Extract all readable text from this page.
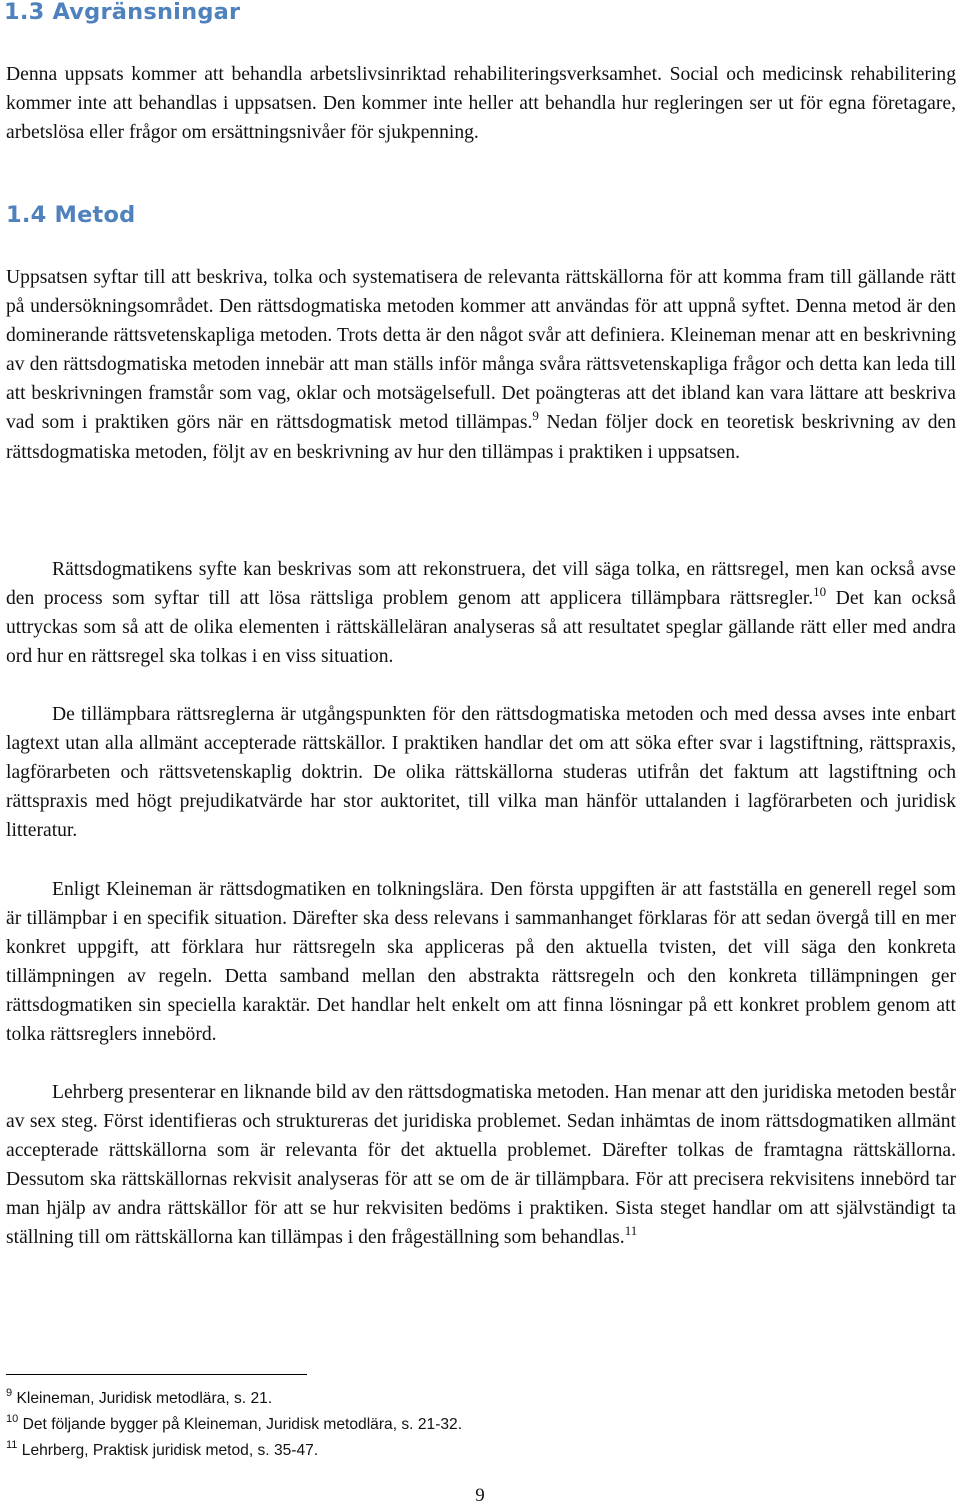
1.3 Avgränsningar

Denna uppsats kommer att behandla arbetslivsinriktad rehabiliteringsverksamhet. Social och medicinsk rehabilitering kommer inte att behandlas i uppsatsen. Den kommer inte heller att behandla hur regleringen ser ut för egna företagare, arbetslösa eller frågor om ersättningsnivåer för sjukpenning.

1.4 Metod

Uppsatsen syftar till att beskriva, tolka och systematisera de relevanta rättskällorna för att komma fram till gällande rätt på undersökningsområdet. Den rättsdogmatiska metoden kommer att användas för att uppnå syftet. Denna metod är den dominerande rättsvetenskapliga metoden. Trots detta är den något svår att definiera. Kleineman menar att en beskrivning av den rättsdogmatiska metoden innebär att man ställs inför många svåra rättsvetenskapliga frågor och detta kan leda till att beskrivningen framstår som vag, oklar och motsägelsefull. Det poängteras att det ibland kan vara lättare att beskriva vad som i praktiken görs när en rättsdogmatisk metod tillämpas.$^9$ Nedan följer dock en teoretisk beskrivning av den rättsdogmatiska metoden, följt av en beskrivning av hur den tillämpas i praktiken i uppsatsen.

Rättsdogmatikens syfte kan beskrivas som att rekonstruera, det vill säga tolka, en rättsregel, men kan också avse den process som syftar till att lösa rättsliga problem genom att applicera tillämpbara rättsregler.$^{10}$ Det kan också uttryckas som så att de olika elementen i rättskälleläran analyseras så att resultatet speglar gällande rätt eller med andra ord hur en rättsregel ska tolkas i en viss situation.

De tillämpbara rättsreglerna är utgångspunkten för den rättsdogmatiska metoden och med dessa avses inte enbart lagtext utan alla allmänt accepterade rättskällor. I praktiken handlar det om att söka efter svar i lagstiftning, rättspraxis, lagförarbeten och rättsvetenskaplig doktrin. De olika rättskällorna studeras utifrån det faktum att lagstiftning och rättspraxis med högt prejudikatvärde har stor auktoritet, till vilka man hänför uttalanden i lagförarbeten och juridisk litteratur.

Enligt Kleineman är rättsdogmatiken en tolkningslära. Den första uppgiften är att fastställa en generell regel som är tillämpbar i en specifik situation. Därefter ska dess relevans i sammanhanget förklaras för att sedan övergå till en mer konkret uppgift, att förklara hur rättsregeln ska appliceras på den aktuella tvisten, det vill säga den konkreta tillämpningen av regeln. Detta samband mellan den abstrakta rättsregeln och den konkreta tillämpningen ger rättsdogmatiken sin speciella karaktär. Det handlar helt enkelt om att finna lösningar på ett konkret problem genom att tolka rättsreglers innebörd.

Lehrberg presenterar en liknande bild av den rättsdogmatiska metoden. Han menar att den juridiska metoden består av sex steg. Först identifieras och struktureras det juridiska problemet. Sedan inhämtas de inom rättsdogmatiken allmänt accepterade rättskällorna som är relevanta för det aktuella problemet. Därefter tolkas de framtagna rättskällorna. Dessutom ska rättskällornas rekvisit analyseras för att se om de är tillämpbara. För att precisera rekvisitens innebörd tar man hjälp av andra rättskällor för att se hur rekvisiten bedöms i praktiken. Sista steget handlar om att självständigt ta ställning till om rättskällorna kan tillämpas i den frågeställning som behandlas.$^{11}$

$^9$ Kleineman, Juridisk metodlära, s. 21.

$^{10}$ Det följande bygger på Kleineman, Juridisk metodlära, s. 21-32.

$^{11}$ Lehrberg, Praktisk juridisk metod, s. 35-47.

9
